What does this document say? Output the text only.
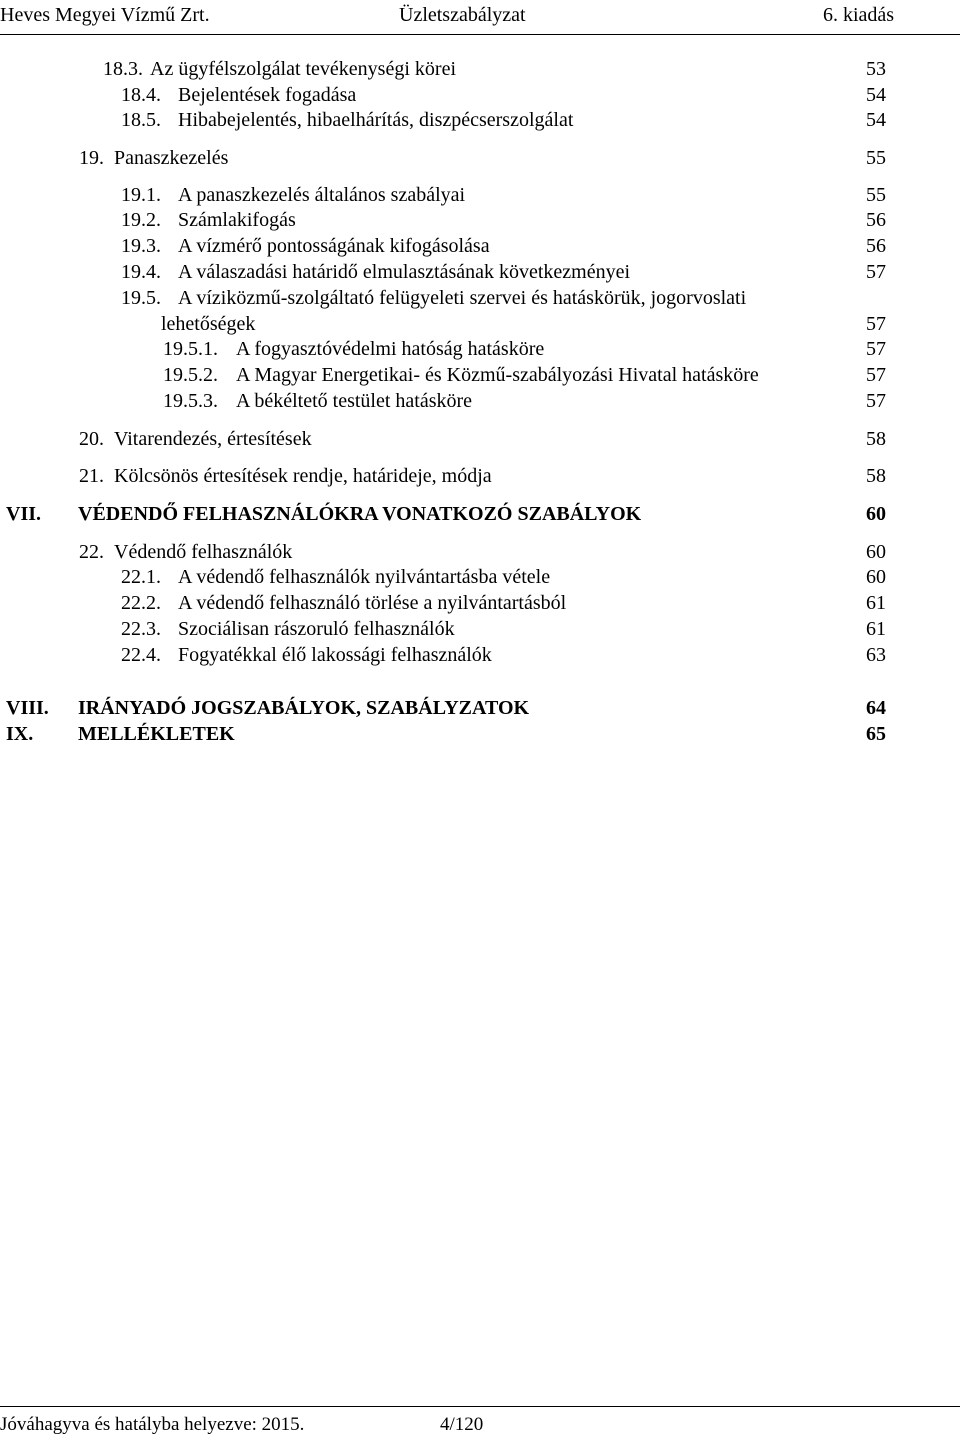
Heves Megyei Vízmű Zrt.	Üzletszabályzat	6. kiadás
18.3. Az ügyfélszolgálat tevékenységi körei	53
18.4. Bejelentések fogadása	54
18.5. Hibabejelentés, hibaelhárítás, diszpécserszolgálat	54
19. Panaszkezelés	55
19.1. A panaszkezelés általános szabályai	55
19.2. Számlakifogás	56
19.3. A vízmérő pontosságának kifogásolása	56
19.4. A válaszadási határidő elmulasztásának következményei	57
19.5. A víziközmű-szolgáltató felügyeleti szervei és hatáskörük, jogorvoslati
lehetőségek	57
19.5.1. A fogyasztóvédelmi hatóság hatásköre	57
19.5.2. A Magyar Energetikai- és Közmű-szabályozási Hivatal hatásköre	57
19.5.3. A békéltető testület hatásköre	57
20. Vitarendezés, értesítések	58
21. Kölcsönös értesítések rendje, határideje, módja	58
VII. VÉDENDŐ FELHASZNÁLÓKRA VONATKOZÓ SZABÁLYOK	60
22. Védendő felhasználók	60
22.1. A védendő felhasználók nyilvántartásba vétele	60
22.2. A védendő felhasználó törlése a nyilvántartásból	61
22.3. Szociálisan rászoruló felhasználók	61
22.4. Fogyatékkal élő lakossági felhasználók	63
VIII. IRÁNYADÓ JOGSZABÁLYOK, SZABÁLYZATOK	64
IX. MELLÉKLETEK	65
Jóváhagyva és hatályba helyezve: 2015.	4/120
